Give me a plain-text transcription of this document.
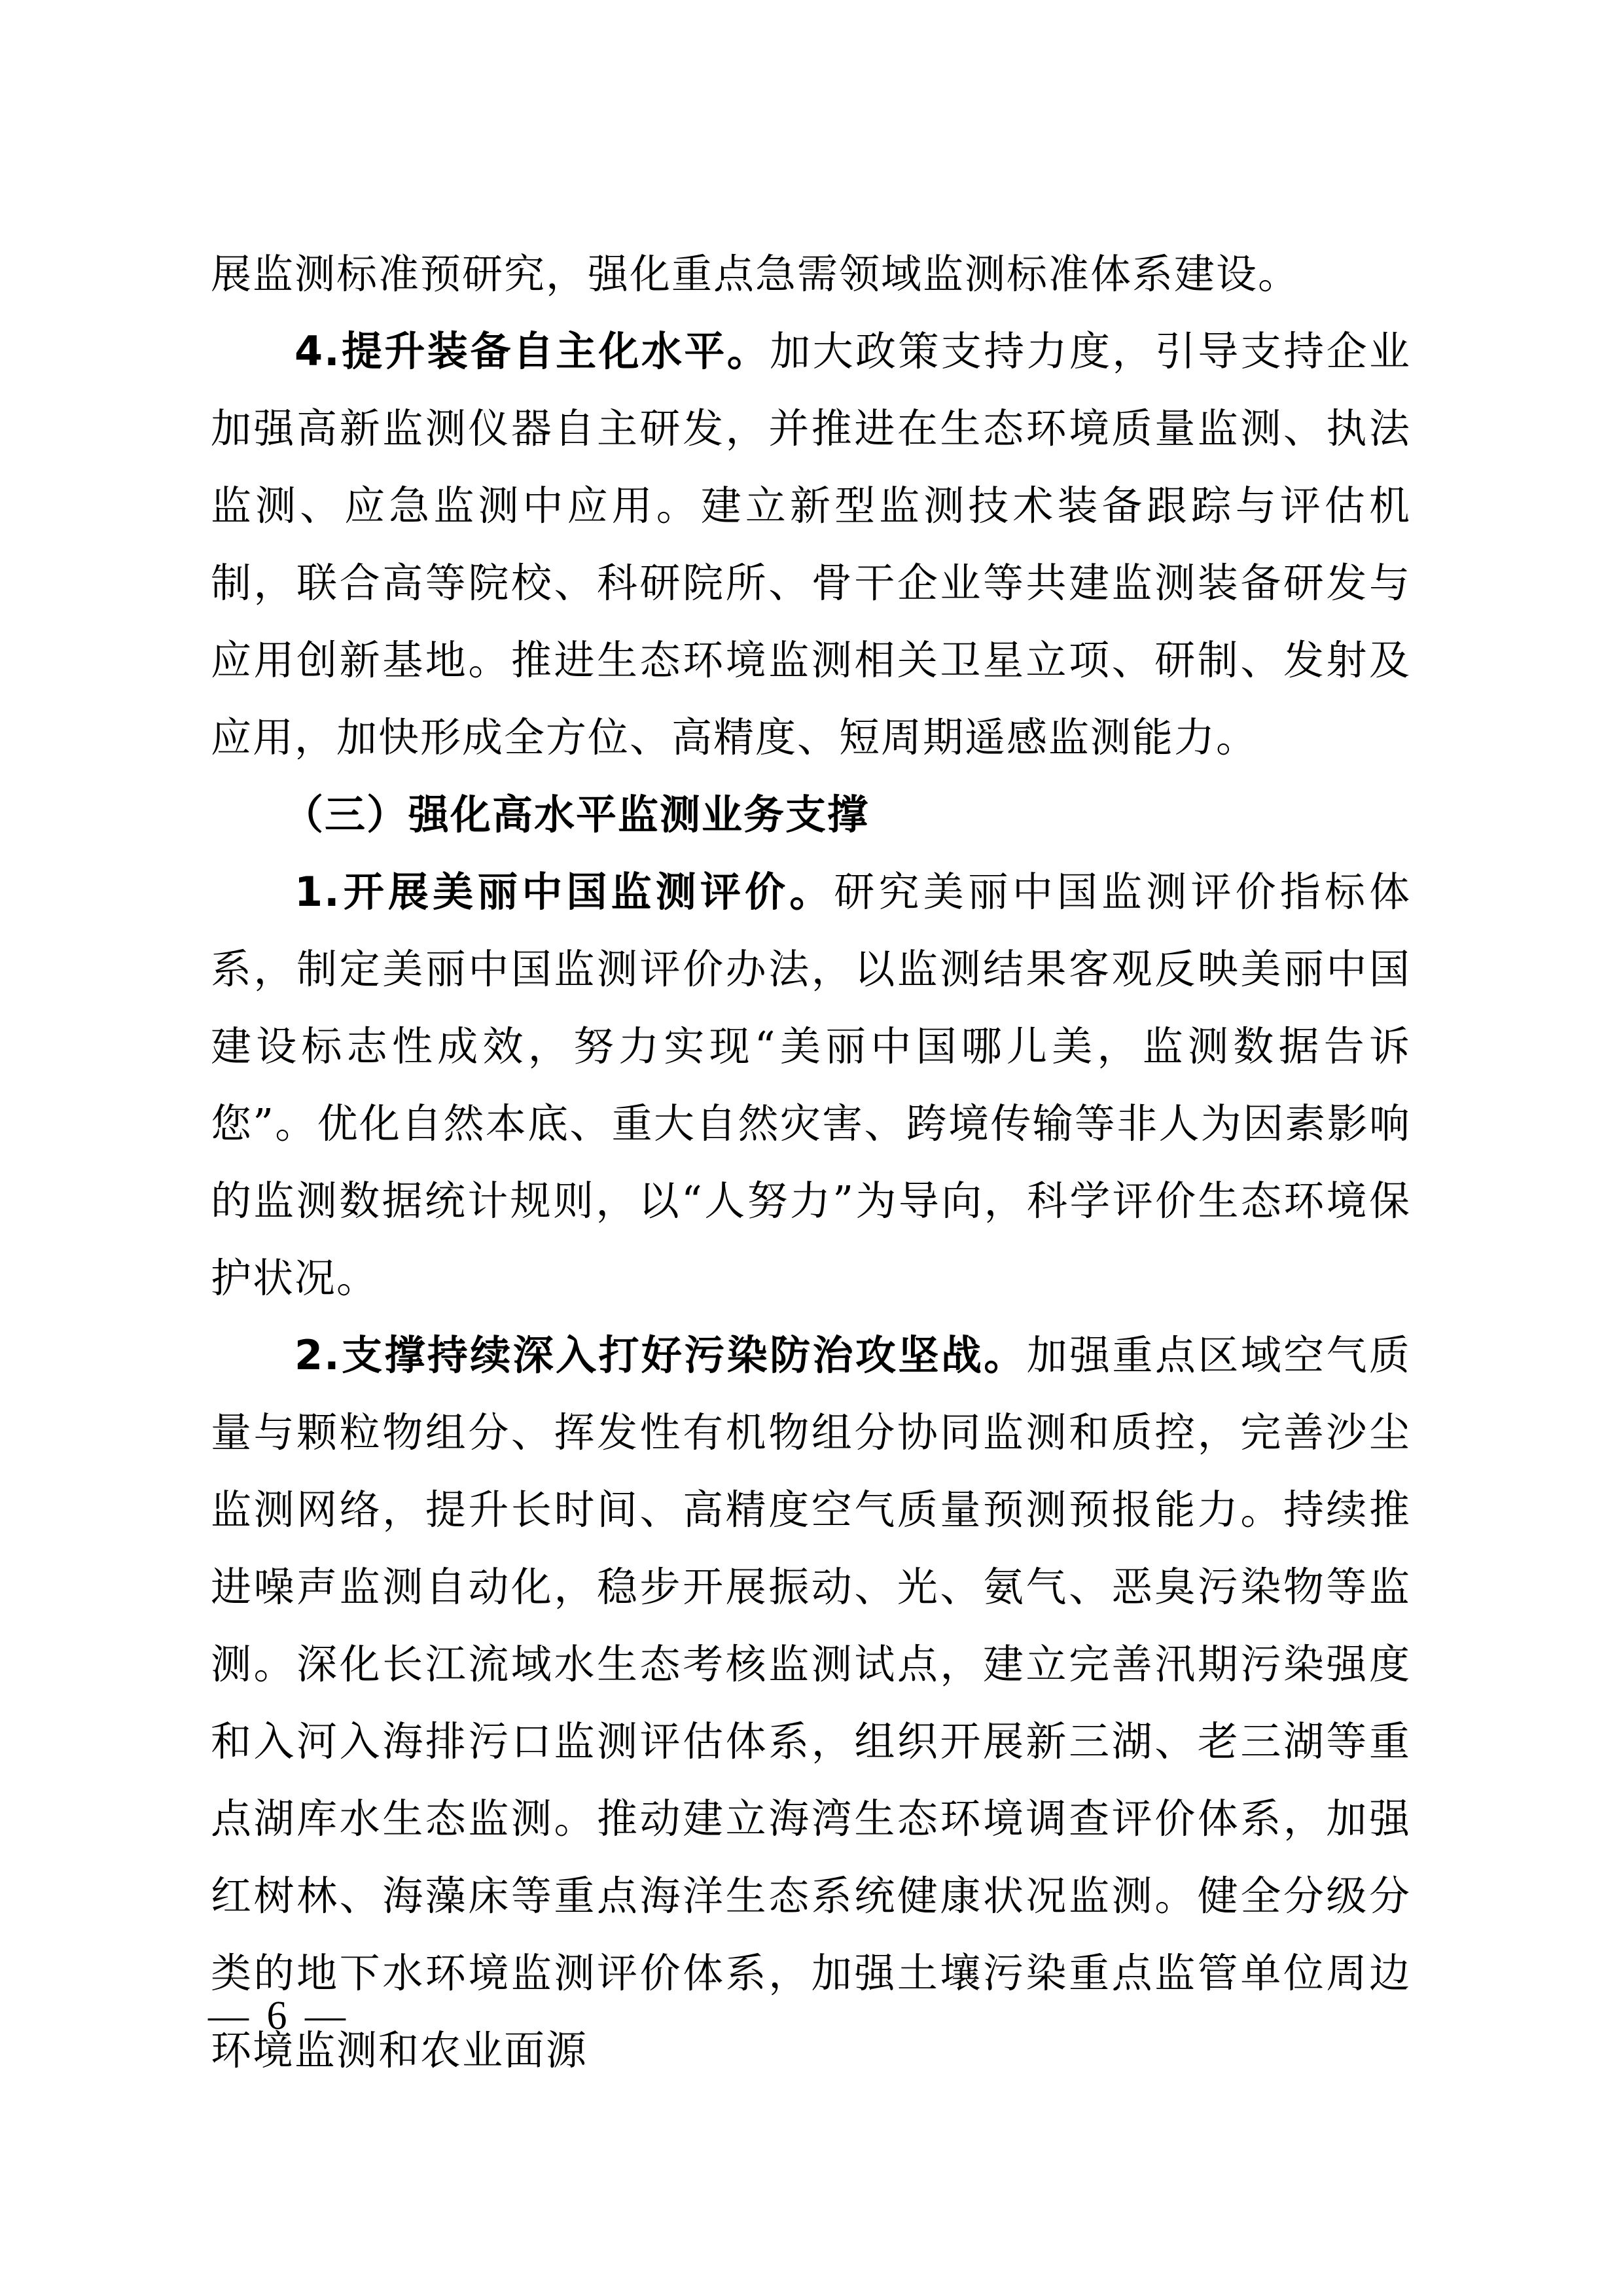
展监测标准预研究，强化重点急需领域监测标准体系建设。

4.提升装备自主化水平。加大政策支持力度，引导支持企业加强高新监测仪器自主研发，并推进在生态环境质量监测、执法监测、应急监测中应用。建立新型监测技术装备跟踪与评估机制，联合高等院校、科研院所、骨干企业等共建监测装备研发与应用创新基地。推进生态环境监测相关卫星立项、研制、发射及应用，加快形成全方位、高精度、短周期遥感监测能力。

（三）强化高水平监测业务支撑

1.开展美丽中国监测评价。研究美丽中国监测评价指标体系，制定美丽中国监测评价办法，以监测结果客观反映美丽中国建设标志性成效，努力实现“美丽中国哪儿美，监测数据告诉您”。优化自然本底、重大自然灾害、跨境传输等非人为因素影响的监测数据统计规则，以“人努力”为导向，科学评价生态环境保护状况。

2.支撑持续深入打好污染防治攻坚战。加强重点区域空气质量与颗粒物组分、挥发性有机物组分协同监测和质控，完善沙尘监测网络，提升长时间、高精度空气质量预测预报能力。持续推进噪声监测自动化，稳步开展振动、光、氨气、恶臭污染物等监测。深化长江流域水生态考核监测试点，建立完善汛期污染强度和入河入海排污口监测评估体系，组织开展新三湖、老三湖等重点湖库水生态监测。推动建立海湾生态环境调查评价体系，加强红树林、海藻床等重点海洋生态系统健康状况监测。健全分级分类的地下水环境监测评价体系，加强土壤污染重点监管单位周边环境监测和农业面源

— 6 —
